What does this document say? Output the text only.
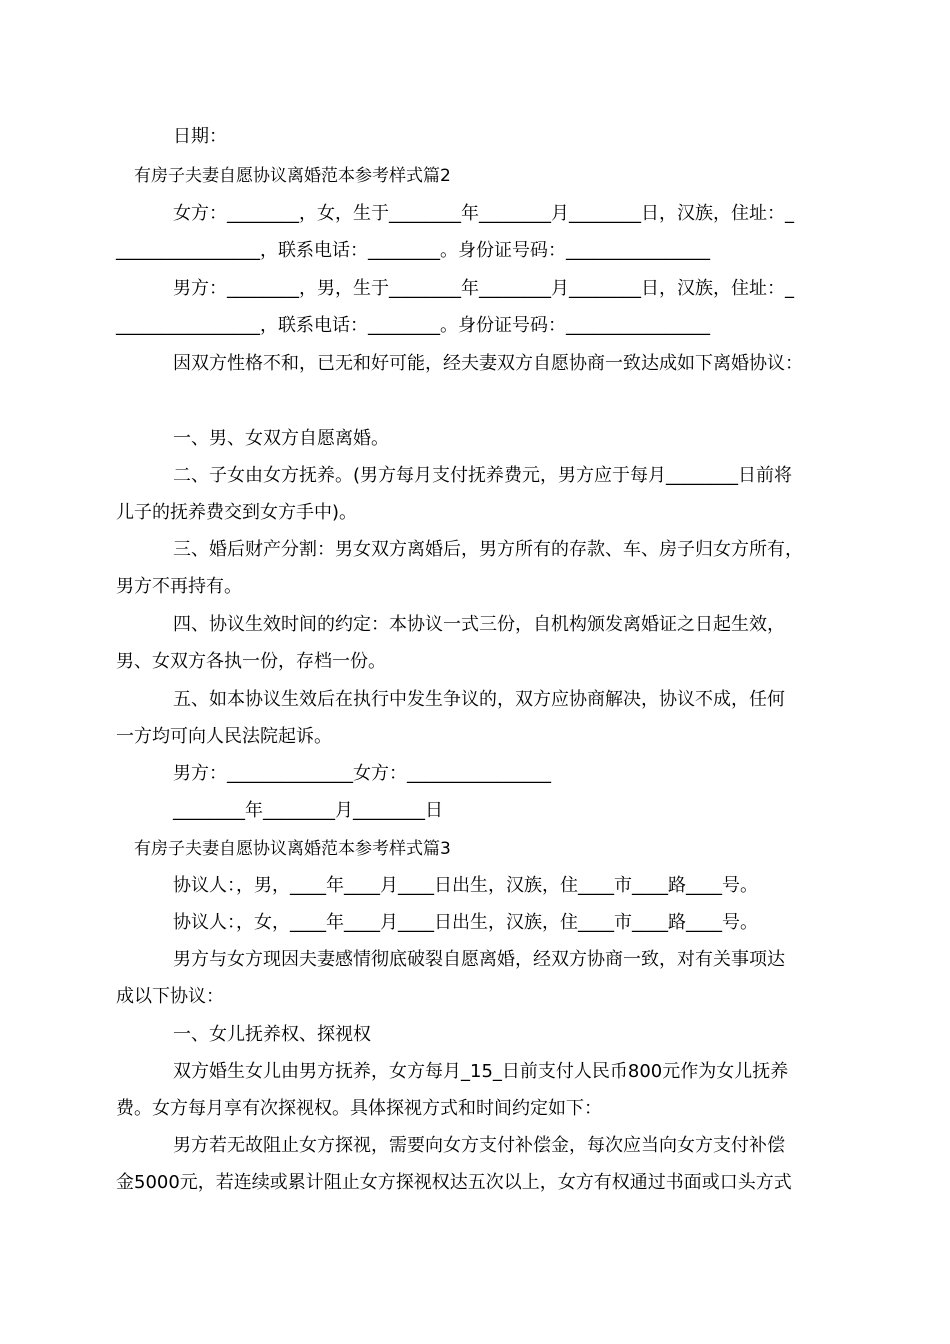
日期：
有房子夫妻自愿协议离婚范本参考样式篇2
女方：________，女，生于________年________月________日，汉族，住址：_
________________，联系电话：________。身份证号码：________________
男方：________，男，生于________年________月________日，汉族，住址：_
________________，联系电话：________。身份证号码：________________
因双方性格不和，已无和好可能，经夫妻双方自愿协商一致达成如下离婚协议：
一、男、女双方自愿离婚。
二、子女由女方抚养。(男方每月支付抚养费元，男方应于每月________日前将
儿子的抚养费交到女方手中)。
三、婚后财产分割：男女双方离婚后，男方所有的存款、车、房子归女方所有，
男方不再持有。
四、协议生效时间的约定：本协议一式三份，自机构颁发离婚证之日起生效，
男、女双方各执一份，存档一份。
五、如本协议生效后在执行中发生争议的，双方应协商解决，协议不成，任何
一方均可向人民法院起诉。
男方：______________女方：________________
________年________月________日
有房子夫妻自愿协议离婚范本参考样式篇3
协议人：，男，____年____月____日出生，汉族，住____市____路____号。
协议人：，女，____年____月____日出生，汉族，住____市____路____号。
男方与女方现因夫妻感情彻底破裂自愿离婚，经双方协商一致，对有关事项达
成以下协议：
一、女儿抚养权、探视权
双方婚生女儿由男方抚养，女方每月_15_日前支付人民币800元作为女儿抚养
费。女方每月享有次探视权。具体探视方式和时间约定如下：
男方若无故阻止女方探视，需要向女方支付补偿金，每次应当向女方支付补偿
金5000元，若连续或累计阻止女方探视权达五次以上，女方有权通过书面或口头方式
